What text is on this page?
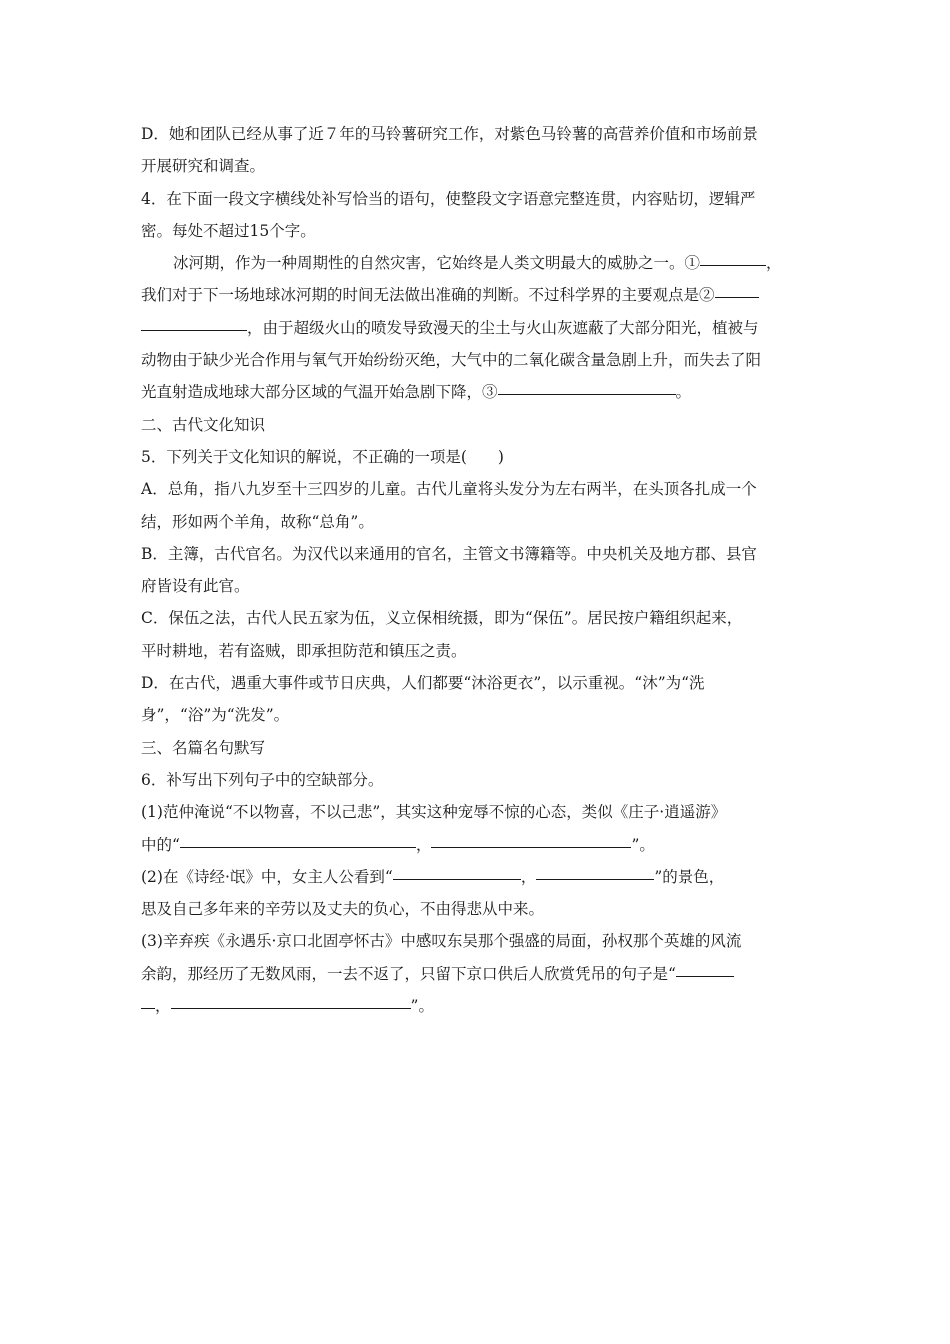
D．她和团队已经从事了近７年的马铃薯研究工作，对紫色马铃薯的高营养价值和市场前景
开展研究和调查。
4．在下面一段文字横线处补写恰当的语句，使整段文字语意完整连贯，内容贴切，逻辑严
密。每处不超过15个字。
冰河期，作为一种周期性的自然灾害，它始终是人类文明最大的威胁之一。①	，
我们对于下一场地球冰河期的时间无法做出准确的判断。不过科学界的主要观点是②
，由于超级火山的喷发导致漫天的尘土与火山灰遮蔽了大部分阳光，植被与
动物由于缺少光合作用与氧气开始纷纷灭绝，大气中的二氧化碳含量急剧上升，而失去了阳
光直射造成地球大部分区域的气温开始急剧下降，③	。
二、古代文化知识
5．下列关于文化知识的解说，不正确的一项是(　　)
A．总角，指八九岁至十三四岁的儿童。古代儿童将头发分为左右两半，在头顶各扎成一个
结，形如两个羊角，故称“总角”。
B．主簿，古代官名。为汉代以来通用的官名，主管文书簿籍等。中央机关及地方郡、县官
府皆设有此官。
C．保伍之法，古代人民五家为伍，义立保相统摄，即为“保伍”。居民按户籍组织起来，
平时耕地，若有盗贼，即承担防范和镇压之责。
D．在古代，遇重大事件或节日庆典，人们都要“沐浴更衣”，以示重视。“沐”为“洗
身”，“浴”为“洗发”。
三、名篇名句默写
6．补写出下列句子中的空缺部分。
(1)范仲淹说“不以物喜，不以己悲”，其实这种宠辱不惊的心态，类似《庄子·逍遥游》
中的“	，	”。
(2)在《诗经·氓》中，女主人公看到“	，	”的景色，
思及自己多年来的辛劳以及丈夫的负心，不由得悲从中来。
(3)辛弃疾《永遇乐·京口北固亭怀古》中感叹东吴那个强盛的局面，孙权那个英雄的风流
余韵，那经历了无数风雨，一去不返了，只留下京口供后人欣赏凭吊的句子是“
，	”。
